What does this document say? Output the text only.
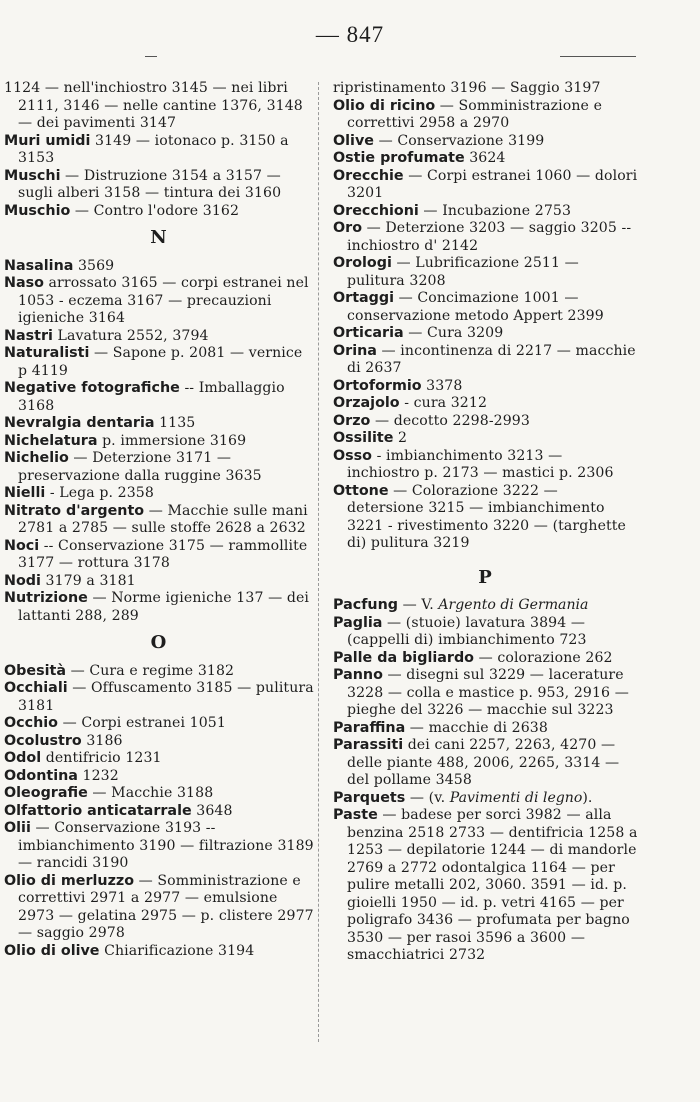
— 847
1124 — nell'inchiostro 3145 — nei libri 2111, 3146 — nelle cantine 1376, 3148 — dei pavimenti 3147
Muri umidi 3149 — iotonaco p. 3150 a 3153
Muschi — Distruzione 3154 a 3157 — sugli alberi 3158 — tintura dei 3160
Muschio — Contro l'odore 3162
N
Nasalina 3569
Naso arrossato 3165 — corpi estranei nel 1053 - eczema 3167 — precauzioni igieniche 3164
Nastri Lavatura 2552, 3794
Naturalisti — Sapone p. 2081 — vernice p 4119
Negative fotografiche -- Imballaggio 3168
Nevralgia dentaria 1135
Nichelatura p. immersione 3169
Nichelio — Deterzione 3171 — preservazione dalla ruggine 3635
Nielli - Lega p. 2358
Nitrato d'argento — Macchie sulle mani 2781 a 2785 — sulle stoffe 2628 a 2632
Noci -- Conservazione 3175 — rammollite 3177 — rottura 3178
Nodi 3179 a 3181
Nutrizione — Norme igieniche 137 — dei lattanti 288, 289
O
Obesità — Cura e regime 3182
Occhiali — Offuscamento 3185 — pulitura 3181
Occhio — Corpi estranei 1051
Ocolustro 3186
Odol dentifricio 1231
Odontina 1232
Oleografie — Macchie 3188
Olfattorio anticatarrale 3648
Olii — Conservazione 3193 -- imbianchimento 3190 — filtrazione 3189 — rancidi 3190
Olio di merluzzo — Somministrazione e correttivi 2971 a 2977 — emulsione 2973 — gelatina 2975 — p. clistere 2977 — saggio 2978
Olio di olive Chiarificazione 3194
ripristinamento 3196 — Saggio 3197
Olio di ricino — Somministrazione e correttivi 2958 a 2970
Olive — Conservazione 3199
Ostie profumate 3624
Orecchie — Corpi estranei 1060 — dolori 3201
Orecchioni — Incubazione 2753
Oro — Deterzione 3203 — saggio 3205 -- inchiostro d' 2142
Orologi — Lubrificazione 2511 — pulitura 3208
Ortaggi — Concimazione 1001 — conservazione metodo Appert 2399
Orticaria — Cura 3209
Orina — incontinenza di 2217 — macchie di 2637
Ortoformio 3378
Orzajolo - cura 3212
Orzo — decotto 2298-2993
Ossilite 2
Osso - imbianchimento 3213 — inchiostro p. 2173 — mastici p. 2306
Ottone — Colorazione 3222 — detersione 3215 — imbianchimento 3221 - rivestimento 3220 — (targhette di) pulitura 3219
P
Pacfung — V. Argento di Germania
Paglia — (stuoie) lavatura 3894 — (cappelli di) imbianchimento 723
Palle da bigliardo — colorazione 262
Panno — disegni sul 3229 — lacerature 3228 — colla e mastice p. 953, 2916 — pieghe del 3226 — macchie sul 3223
Paraffina — macchie di 2638
Parassiti dei cani 2257, 2263, 4270 — delle piante 488, 2006, 2265, 3314 — del pollame 3458
Parquets — (v. Pavimenti di legno).
Paste — badese per sorci 3982 — alla benzina 2518 2733 — dentifricia 1258 a 1253 — depilatorie 1244 — di mandorle 2769 a 2772 odontalgica 1164 — per pulire metalli 202, 3060. 3591 — id. p. gioielli 1950 — id. p. vetri 4165 — per poligrafo 3436 — profumata per bagno 3530 — per rasoi 3596 a 3600 — smacchiatrici 2732
